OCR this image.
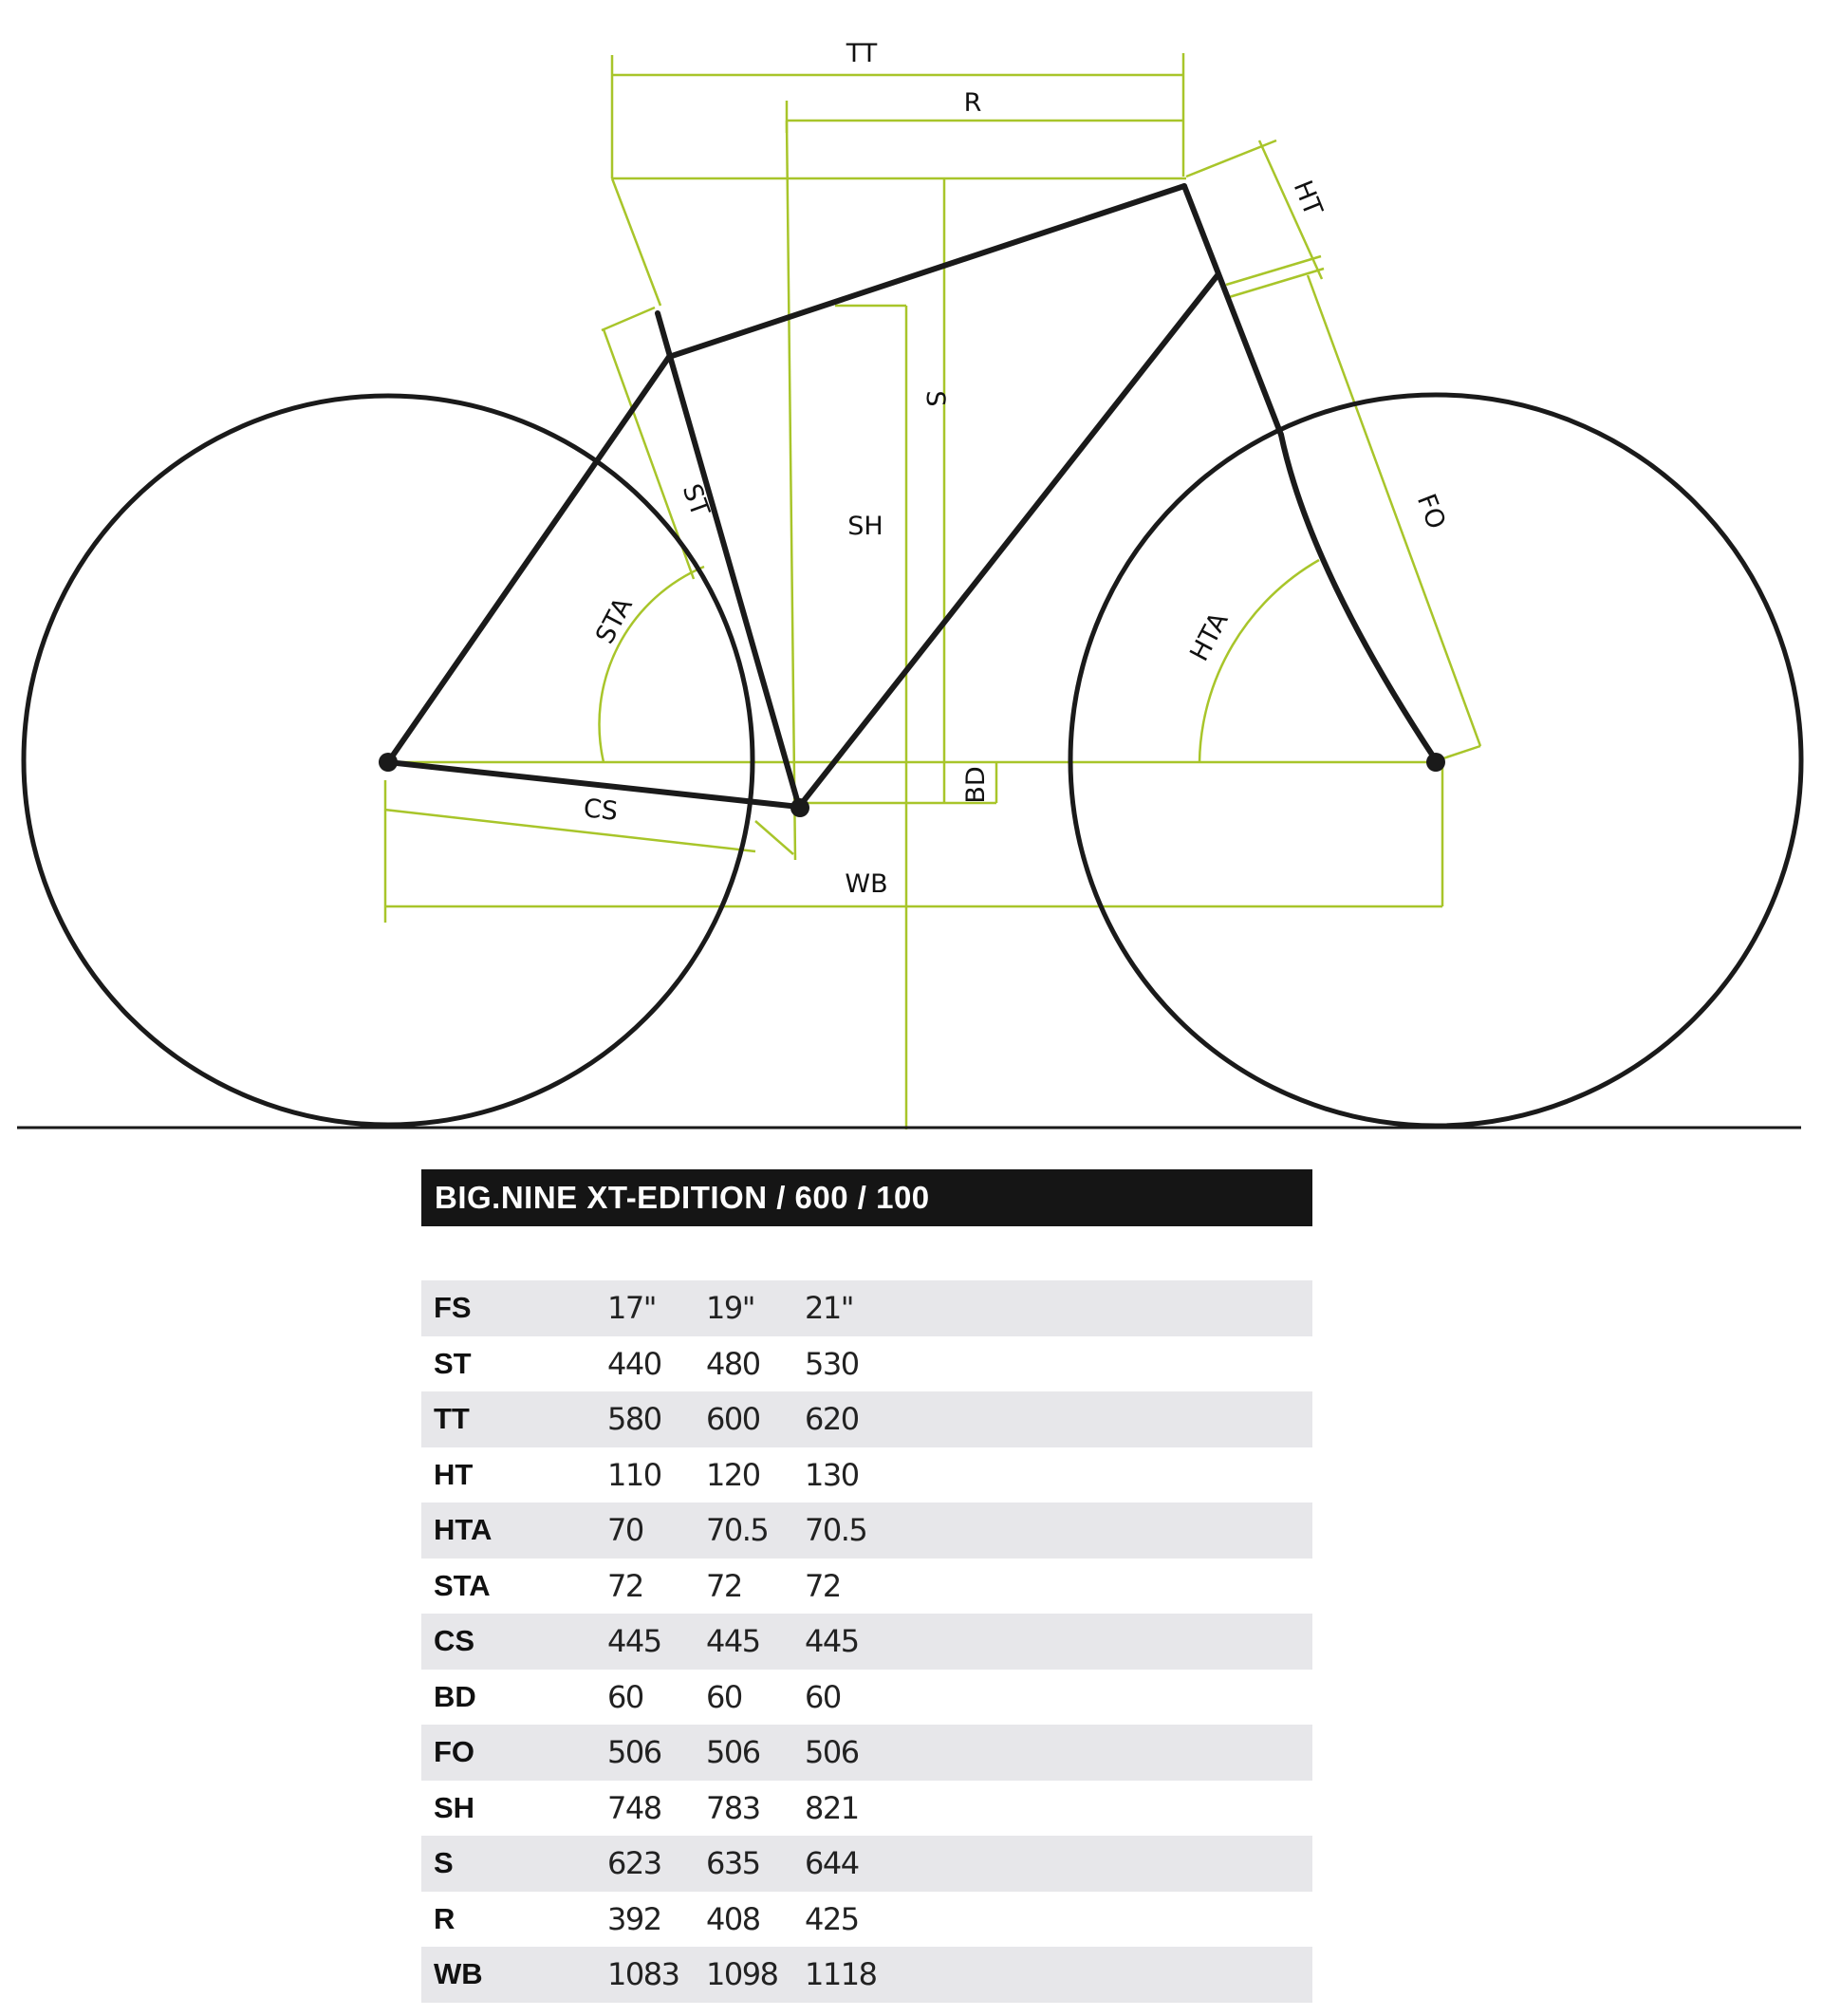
TT
R
HT
S
ST
SH	FO
STA	HTA
BD
CS
WB
BIG.NINE XT-EDITION / 600 / 100
FS	17"	19"	21"
ST	440	480	530
TT	580	600	620
HT	110	120	130
HTA	70	70.5	70.5
STA	72	72	72
CS	445	445	445
BD	60	60	60
FO	506	506	506
SH	748	783	821
S	623	635	644
R	392	408	425
WB	1083 1098 1118
